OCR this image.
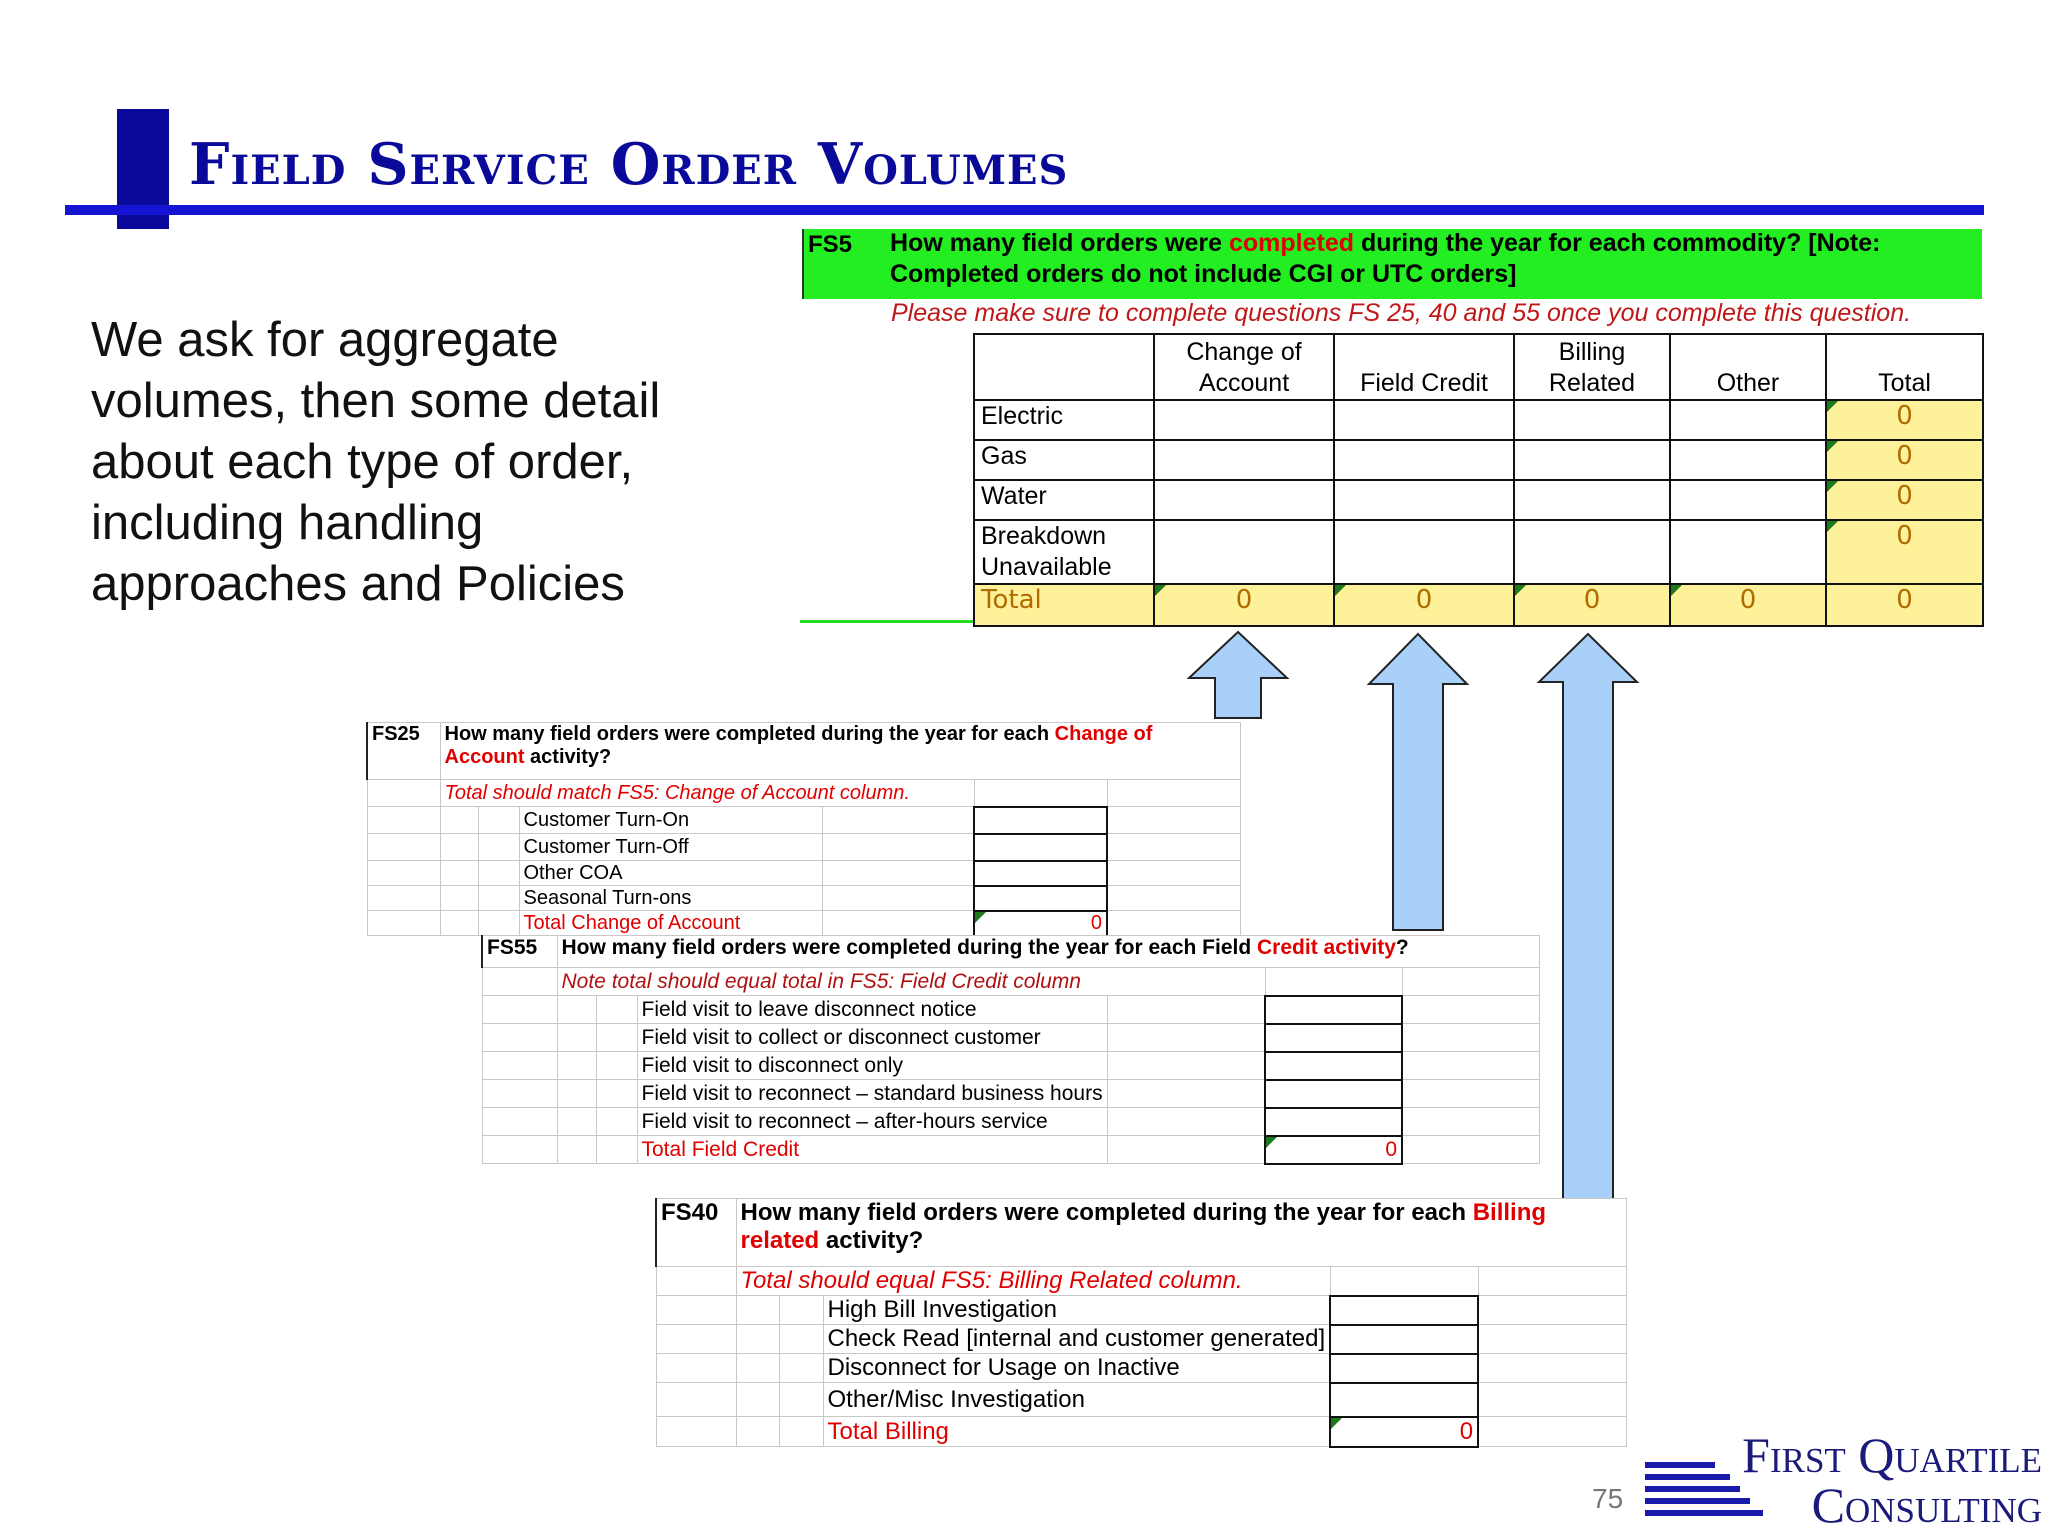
Field Service Order Volumes
We ask for aggregate volumes, then some detail about each type of order, including handling approaches and Policies
FS5 How many field orders were completed during the year for each commodity? [Note: Completed orders do not include CGI or UTC orders]
Please make sure to complete questions FS 25, 40 and 55 once you complete this question.
	Change of Account	Field Credit	Billing Related	Other	Total
Electric					0
Gas					0
Water					0
Breakdown Unavailable					0
Total	0	0	0	0	0
FS25	How many field orders were completed during the year for each Change of Account activity?					
	Total should match FS5: Change of Account column.					
			Customer Turn-On			
			Customer Turn-Off			
			Other COA			
			Seasonal Turn-ons			
			Total Change of Account		0	
FS55	How many field orders were completed during the year for each Field Credit activity?					
	Note total should equal total in FS5: Field Credit column					
			Field visit to leave disconnect notice			
			Field visit to collect or disconnect customer			
			Field visit to disconnect only			
			Field visit to reconnect – standard business hours			
			Field visit to reconnect – after-hours service			
			Total Field Credit		0	
FS40	How many field orders were completed during the year for each Billing related activity?				
	Total should equal FS5: Billing Related column.				
			High Bill Investigation		
			Check Read [internal and customer generated]		
			Disconnect for Usage on Inactive		
			Other/Misc Investigation		
			Total Billing	0	
75
First Quartile
Consulting
